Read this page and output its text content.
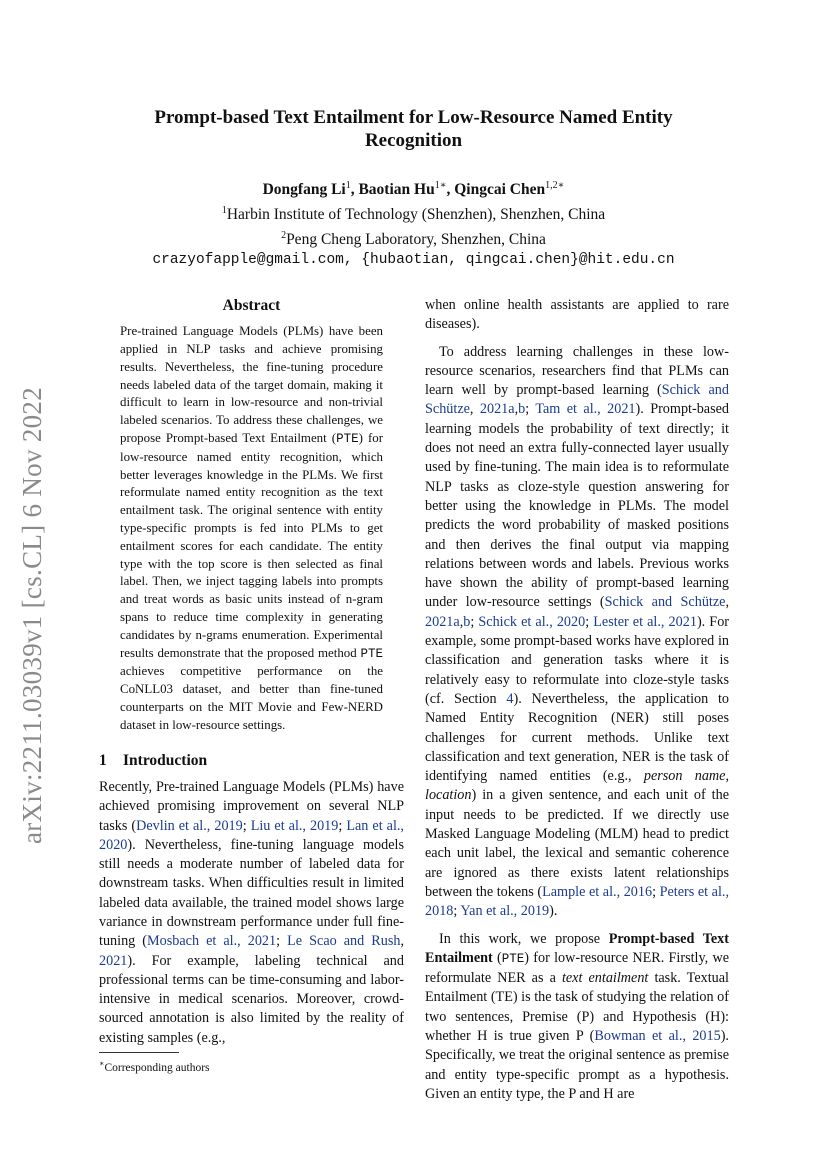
arXiv:2211.03039v1 [cs.CL] 6 Nov 2022
Prompt-based Text Entailment for Low-Resource Named Entity Recognition
Dongfang Li$^1$, Baotian $Hu^{1∗}$, Qingcai Chen$^{1,2∗}$
$^1$Harbin Institute of Technology (Shenzhen), Shenzhen, China
$^2$Peng Cheng Laboratory, Shenzhen, China
crazyofapple@gmail.com, {hubaotian, qingcai.chen}@hit.edu.cn
Abstract
Pre-trained Language Models (PLMs) have been applied in NLP tasks and achieve promising results. Nevertheless, the fine-tuning procedure needs labeled data of the target domain, making it difficult to learn in low-resource and non-trivial labeled scenarios. To address these challenges, we propose Prompt-based Text Entailment (PTE) for low-resource named entity recognition, which better leverages knowledge in the PLMs. We first reformulate named entity recognition as the text entailment task. The original sentence with entity type-specific prompts is fed into PLMs to get entailment scores for each candidate. The entity type with the top score is then selected as final label. Then, we inject tagging labels into prompts and treat words as basic units instead of n-gram spans to reduce time complexity in generating candidates by n-grams enumeration. Experimental results demonstrate that the proposed method PTE achieves competitive performance on the CoNLL03 dataset, and better than fine-tuned counterparts on the MIT Movie and Few-NERD dataset in low-resource settings.
1 Introduction

Recently, Pre-trained Language Models (PLMs) have achieved promising improvement on several NLP tasks (Devlin et al., 2019; Liu et al., 2019; Lan et al., 2020). Nevertheless, fine-tuning language models still needs a moderate number of labeled data for downstream tasks. When difficulties result in limited labeled data available, the trained model shows large variance in downstream performance under full fine-tuning (Mosbach et al., 2021; Le Scao and Rush, 2021). For example, labeling technical and professional terms can be time-consuming and labor-intensive in medical scenarios. Moreover, crowd-sourced annotation is also limited by the reality of existing samples (e.g.,

when online health assistants are applied to rare diseases).

To address learning challenges in these low-resource scenarios, researchers find that PLMs can learn well by prompt-based learning (Schick and Schütze, 2021a,b; Tam et al., 2021). Prompt-based learning models the probability of text directly; it does not need an extra fully-connected layer usually used by fine-tuning. The main idea is to reformulate NLP tasks as cloze-style question answering for better using the knowledge in PLMs. The model predicts the word probability of masked positions and then derives the final output via mapping relations between words and labels. Previous works have shown the ability of prompt-based learning under low-resource settings (Schick and Schütze, 2021a,b; Schick et al., 2020; Lester et al., 2021). For example, some prompt-based works have explored in classification and generation tasks where it is relatively easy to reformulate into cloze-style tasks (cf. Section 4). Nevertheless, the application to Named Entity Recognition (NER) still poses challenges for current methods. Unlike text classification and text generation, NER is the task of identifying named entities (e.g., person name, location) in a given sentence, and each unit of the input needs to be predicted. If we directly use Masked Language Modeling (MLM) head to predict each unit label, the lexical and semantic coherence are ignored as there exists latent relationships between the tokens (Lample et al., 2016; Peters et al., 2018; Yan et al., 2019).

In this work, we propose Prompt-based Text Entailment (PTE) for low-resource NER. Firstly, we reformulate NER as a text entailment task. Textual Entailment (TE) is the task of studying the relation of two sentences, Premise (P) and Hypothesis (H): whether H is true given P (Bowman et al., 2015). Specifically, we treat the original sentence as premise and entity type-specific prompt as a hypothesis. Given an entity type, the P and H are

∗Corresponding authors
